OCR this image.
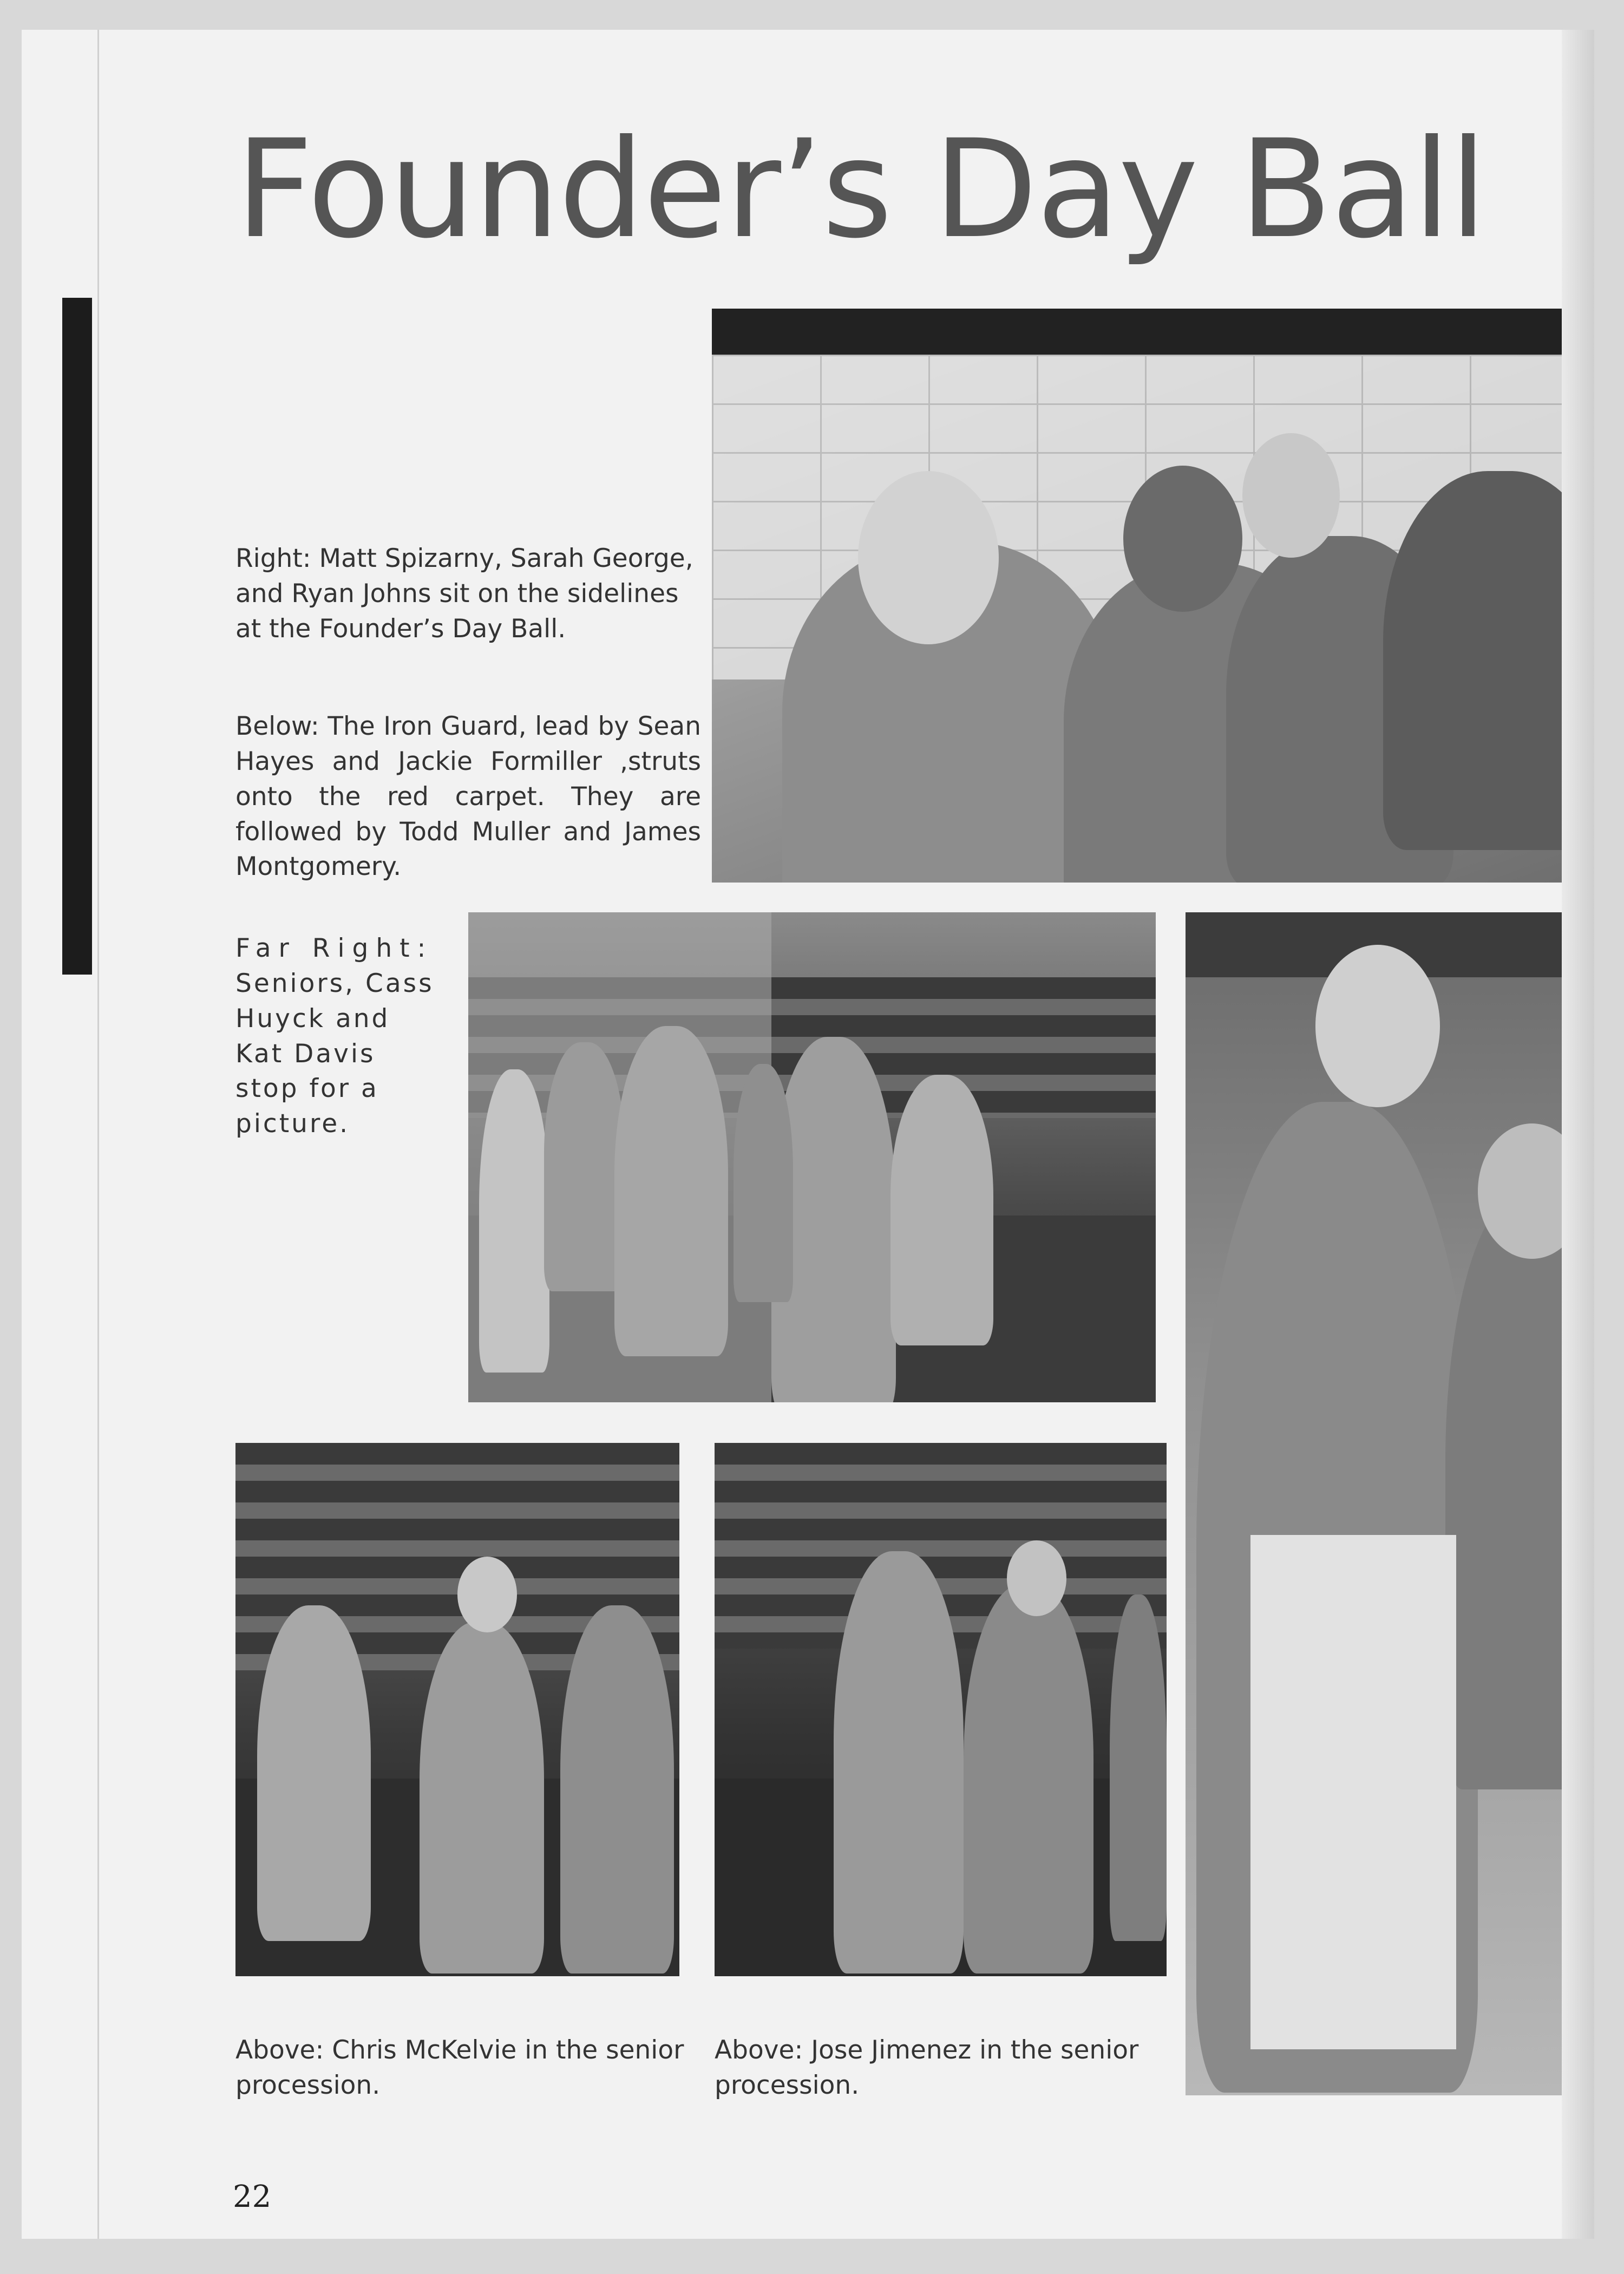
Founder’s Day Ball
Right: Matt Spizarny, Sarah George, and Ryan Johns sit on the sidelines at the Founder’s Day Ball.
Below: The Iron Guard, lead by Sean Hayes and Jackie Formiller ,struts onto the red carpet. They are followed by Todd Muller and James Montgomery.
Far Right: Seniors, Cass Huyck and Kat Davis stop for a picture.
Above: Chris McKelvie in the senior procession.
Above: Jose Jimenez in the senior procession.
22
